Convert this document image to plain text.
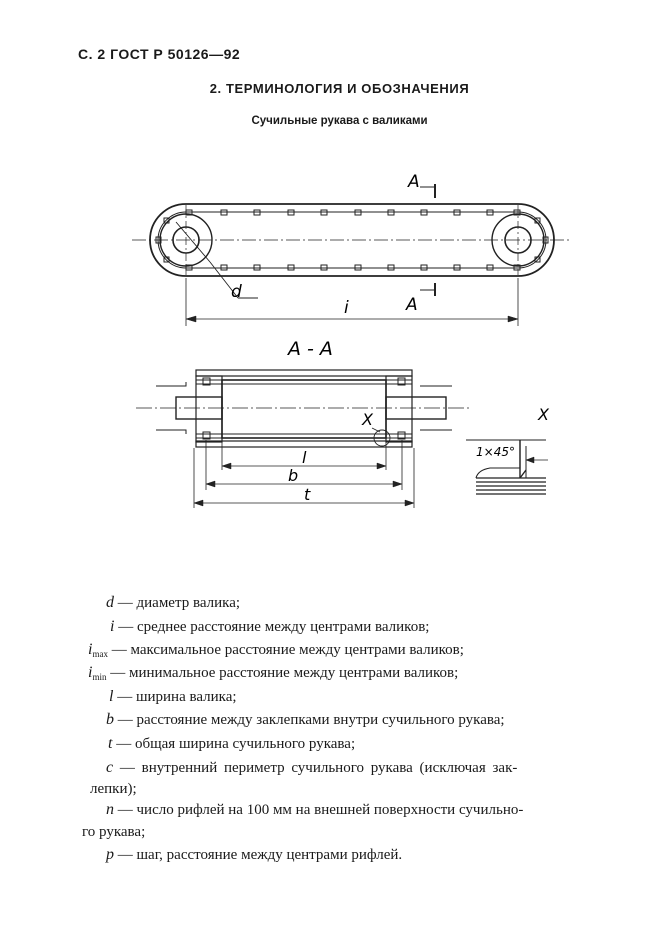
С. 2 ГОСТ Р 50126—92
2. ТЕРМИНОЛОГИЯ И ОБОЗНАЧЕНИЯ
Сучильные рукава с валиками
А
А
d
i
А - А
Х	Х
l
b
t
1×45°
d — диаметр валика;
i — среднее расстояние между центрами валиков;
$i_{max}$ — максимальное расстояние между центрами валиков;
$i_{min}$ — минимальное расстояние между центрами валиков;
l — ширина валика;
b — расстояние между заклепками внутри сучильного рукава;
t — общая ширина сучильного рукава;
c — внутренний периметр сучильного рукава (исключая зак-
лепки);
n — число рифлей на 100 мм на внешней поверхности сучильно-
го рукава;
p — шаг, расстояние между центрами рифлей.
